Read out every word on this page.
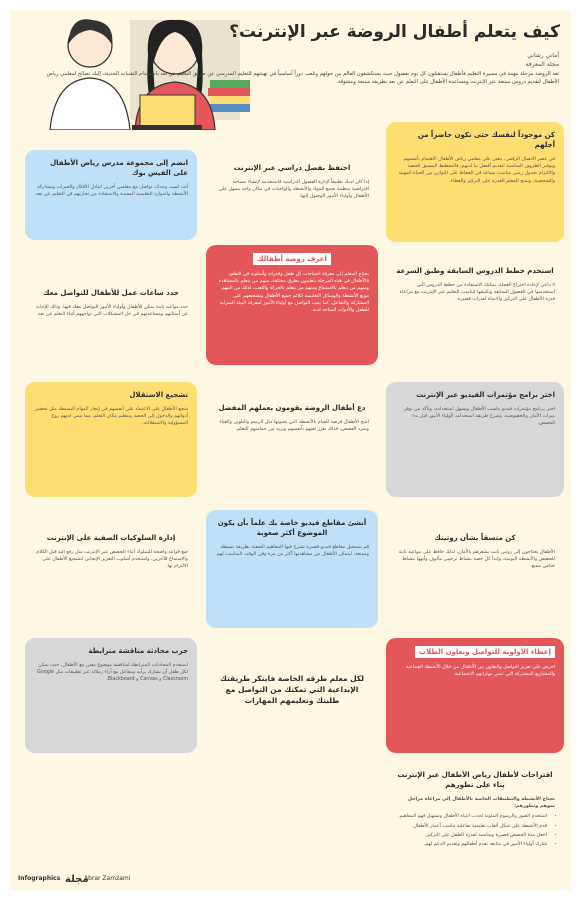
كيف يتعلم أطفال الروضة عبر الإنترنت؟
أماني رشاني
مجلة المعرفة
تعد الروضة مرحلة مهمة في مسيرة التعليم فأطفال يستقبلون كل يوم بفضول حيث يستكشفون العالم من حولهم وتلعب دوراً أساسياً في تهيئتهم للتعليم المدرسي عن طريق التعليم عن بعد باستخدام التقنيات الحديثة، إليك نصائح لمعلمي رياض الأطفال لتقديم دروس ممتعة عبر الإنترنت ومساعدة الأطفال على التعلم عن بعد بطريقة ممتعة ومشوقة.
كن موجوداً لنفسك حتى تكون حاضراً من أجلهم

في عصر الاتصال الرقمي، يتعين على معلمي رياض الأطفال الاهتمام بأنفسهم وتوفير الظروف المناسبة لتقديم أفضل ما لديهم، فالتخطيط المسبق للحصة والالتزام بجدول زمني مناسب يساعد في الحفاظ على التوازن بين الحياة المهنية والشخصية، ويمنح المعلم القدرة على التركيز والعطاء.

احتفظ بفصل دراسي عبر الإنترنت

إذا كان لديك تطبيقاً لإدارة الفصول الدراسية فاستخدمه لإنشاء مساحة افتراضية منظمة تجمع المواد والأنشطة والواجبات في مكان واحد يسهل على الأطفال وأولياء الأمور الوصول إليها.

انضم إلى مجموعة مدرس رياض الأطفال على الفيس بوك

أنت لست وحدك، تواصل مع معلمين آخرين لتبادل الأفكار والخبرات ومشاركة الأنشطة والموارد التعليمية المفيدة والاستفادة من تجاربهم في التعليم عن بعد.

استخدم خطط الدروس السابقة وطبق السرعة

لا داعي لإعادة اختراع العجلة، يمكنك الاستفادة من خطط الدروس التي استخدمتها في الفصول السابقة وتكييفها لتناسب التعليم عبر الإنترنت مع مراعاة قدرة الأطفال على التركيز والانتباه لفترات قصيرة.

اعرف روضة أطفالك

يحتاج المعلم إلى معرفة احتياجات كل طفل وقدراته وأسلوبه في التعلم، فالأطفال في هذه المرحلة يتعلمون بطرق مختلفة، منهم من يتعلم بالمشاهدة ومنهم من يتعلم بالاستماع ومنهم من يتعلم بالحركة واللعب، لذلك من المهم تنويع الأنشطة والوسائل التعليمية لتلائم جميع الأطفال وتشجيعهم على المشاركة والتفاعل، كما يجب التواصل مع أولياء الأمور لمعرفة البيئة المنزلية للطفل والأدوات المتاحة لديه.

حدد ساعات عمل للأطفال للتواصل معك

حدد مواعيد ثابتة يمكن للأطفال وأولياء الأمور التواصل معك فيها، وذلك للإجابة عن أسئلتهم ومساعدتهم في حل المشكلات التي تواجههم أثناء التعلم عن بعد.

اختر برامج مؤتمرات الفيديو عبر الإنترنت

اختر برنامج مؤتمرات فيديو يناسب الأطفال ويسهل استخدامه، وتأكد من توفر ميزات الأمان والخصوصية، وشرح طريقة استخدامه لأولياء الأمور قبل بدء الحصص.

دع أطفال الروضة يقومون بعملهم المفضل

امنح الأطفال فرصة للقيام بالأنشطة التي يحبونها مثل الرسم والتلوين والغناء وسرد القصص، فذلك يعزز ثقتهم بأنفسهم ويزيد من حماسهم للتعلم.

تشجيع الاستقلال

شجع الأطفال على الاعتماد على أنفسهم في إنجاز المهام البسيطة مثل تحضير أدواتهم والدخول إلى الحصة وتنظيم مكان التعلم، مما ينمي لديهم روح المسؤولية والاستقلالية.

كن متسقاً بشأن روتينك

الأطفال يحتاجون إلى روتين ثابت يشعرهم بالأمان، لذلك حافظ على مواعيد ثابتة للحصص والأنشطة اليومية، وابدأ كل حصة بنشاط ترحيبي مألوف وأنهها بنشاط ختامي ممتع.

أنشئ مقاطع فيديو خاصة بك علماً بأن يكون الموضوع أكثر صعوبة

قم بتسجيل مقاطع فيديو قصيرة تشرح فيها المفاهيم الصعبة بطريقة بسيطة وممتعة، ليتمكن الأطفال من مشاهدتها أكثر من مرة وفي الوقت المناسب لهم.

إدارة السلوكيات الصفية على الإنترنت

ضع قواعد واضحة للسلوك أثناء الحصص عبر الإنترنت مثل رفع اليد قبل الكلام والاستماع للآخرين، واستخدم أسلوب التعزيز الإيجابي لتشجيع الأطفال على الالتزام بها.

إعطاء الأولوية للتواصل وتعاون الطلاب

احرص على تعزيز التواصل والتعاون بين الأطفال من خلال الأنشطة الجماعية والمشاريع المشتركة التي تنمي مهاراتهم الاجتماعية.

لكل معلم طرقه الخاصة فابتكر طريقتك الإبداعية التي تمكنك من التواصل مع طلبتك وتعليمهم المهارات
جرب محادثة مناقشة مترابطة

استخدم المحادثات المترابطة لمناقشة موضوع معين مع الأطفال، حيث يمكن لكل طفل أن يشارك برأيه ويتفاعل مع آراء زملائه عبر تطبيقات مثل Google Classroom و Canvas و Blackboard.

اقتراحات لأطفال رياض الأطفال عبر الإنترنت بناء على تطورهم

تحتاج الأنشطة والتطبيقات الخاصة بالأطفال إلى مراعاة مراحل نموهم وتطورهم:

• استخدم الصور والرسوم الملونة لجذب انتباه الأطفال وتسهيل فهم المفاهيم.
• قدم الأنشطة على شكل ألعاب تعليمية تفاعلية تناسب أعمار الأطفال.
• اجعل مدة الحصص قصيرة ومناسبة لقدرة الطفل على التركيز.
• شارك أولياء الأمور في متابعة تقدم أطفالهم وتقديم الدعم لهم.
Infographics مجلة
Abrar Zamzami
